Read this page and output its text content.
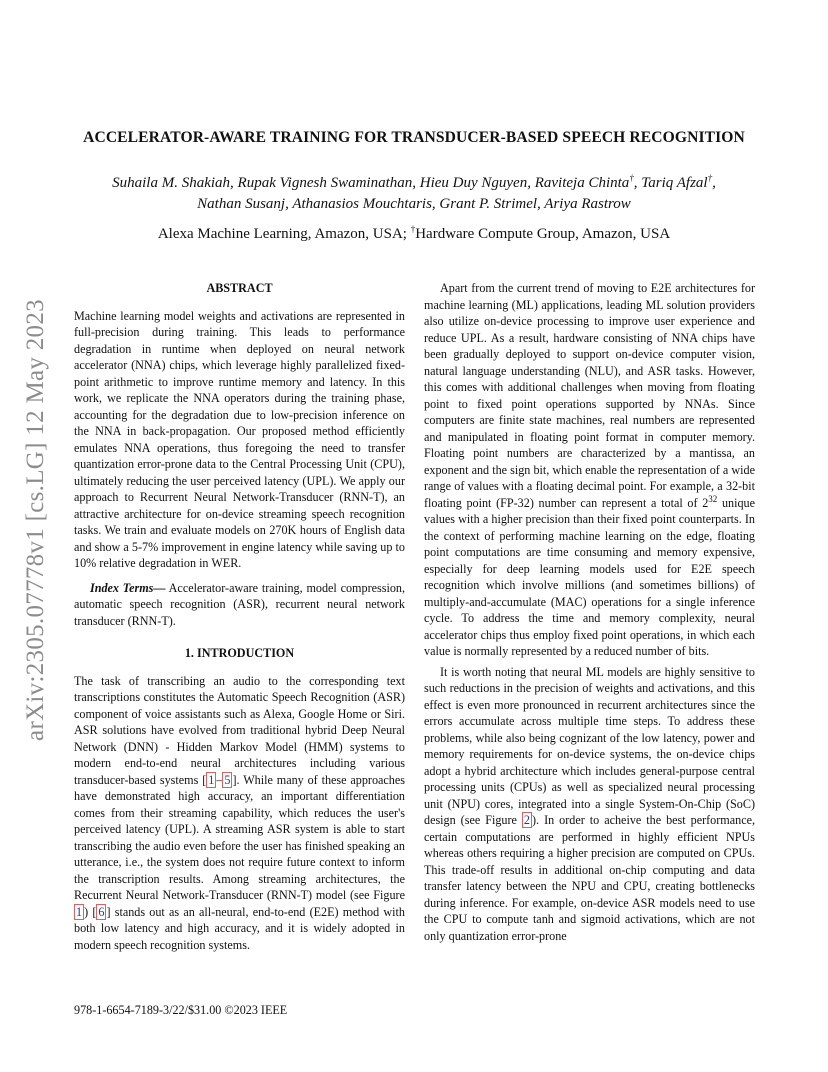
arXiv:2305.07778v1 [cs.LG] 12 May 2023
ACCELERATOR-AWARE TRAINING FOR TRANSDUCER-BASED SPEECH RECOGNITION
Suhaila M. Shakiah, Rupak Vignesh Swaminathan, Hieu Duy Nguyen, Raviteja Chinta†, Tariq Afzal†,
Nathan Susanj, Athanasios Mouchtaris, Grant P. Strimel, Ariya Rastrow
Alexa Machine Learning, Amazon, USA; †Hardware Compute Group, Amazon, USA
ABSTRACT

Machine learning model weights and activations are represented in full-precision during training. This leads to performance degradation in runtime when deployed on neural network accelerator (NNA) chips, which leverage highly parallelized fixed-point arithmetic to improve runtime memory and latency. In this work, we replicate the NNA operators during the training phase, accounting for the degradation due to low-precision inference on the NNA in back-propagation. Our proposed method efficiently emulates NNA operations, thus foregoing the need to transfer quantization error-prone data to the Central Processing Unit (CPU), ultimately reducing the user perceived latency (UPL). We apply our approach to Recurrent Neural Network-Transducer (RNN-T), an attractive architecture for on-device streaming speech recognition tasks. We train and evaluate models on 270K hours of English data and show a 5-7% improvement in engine latency while saving up to 10% relative degradation in WER.

Index Terms— Accelerator-aware training, model compression, automatic speech recognition (ASR), recurrent neural network transducer (RNN-T).

1. INTRODUCTION

The task of transcribing an audio to the corresponding text transcriptions constitutes the Automatic Speech Recognition (ASR) component of voice assistants such as Alexa, Google Home or Siri. ASR solutions have evolved from traditional hybrid Deep Neural Network (DNN) - Hidden Markov Model (HMM) systems to modern end-to-end neural architectures including various transducer-based systems [ 1 – 5 ]. While many of these approaches have demonstrated high accuracy, an important differentiation comes from their streaming capability, which reduces the user's perceived latency (UPL). A streaming ASR system is able to start transcribing the audio even before the user has finished speaking an utterance, i.e., the system does not require future context to inform the transcription results. Among streaming architectures, the Recurrent Neural Network-Transducer (RNN-T) model (see Figure 1 ) [ 6 ] stands out as an all-neural, end-to-end (E2E) method with both low latency and high accuracy, and it is widely adopted in modern speech recognition systems.

Apart from the current trend of moving to E2E architectures for machine learning (ML) applications, leading ML solution providers also utilize on-device processing to improve user experience and reduce UPL. As a result, hardware consisting of NNA chips have been gradually deployed to support on-device computer vision, natural language understanding (NLU), and ASR tasks. However, this comes with additional challenges when moving from floating point to fixed point operations supported by NNAs. Since computers are finite state machines, real numbers are represented and manipulated in floating point format in computer memory. Floating point numbers are characterized by a mantissa, an exponent and the sign bit, which enable the representation of a wide range of values with a floating decimal point. For example, a 32-bit floating point (FP-32) number can represent a total of $2^{32}$ unique values with a higher precision than their fixed point counterparts. In the context of performing machine learning on the edge, floating point computations are time consuming and memory expensive, especially for deep learning models used for E2E speech recognition which involve millions (and sometimes billions) of multiply-and-accumulate (MAC) operations for a single inference cycle. To address the time and memory complexity, neural accelerator chips thus employ fixed point operations, in which each value is normally represented by a reduced number of bits.

It is worth noting that neural ML models are highly sensitive to such reductions in the precision of weights and activations, and this effect is even more pronounced in recurrent architectures since the errors accumulate across multiple time steps. To address these problems, while also being cognizant of the low latency, power and memory requirements for on-device systems, the on-device chips adopt a hybrid architecture which includes general-purpose central processing units (CPUs) as well as specialized neural processing unit (NPU) cores, integrated into a single System-On-Chip (SoC) design (see Figure 2 ). In order to acheive the best performance, certain computations are performed in highly efficient NPUs whereas others requiring a higher precision are computed on CPUs. This trade-off results in additional on-chip computing and data transfer latency between the NPU and CPU, creating bottlenecks during inference. For example, on-device ASR models need to use the CPU to compute tanh and sigmoid activations, which are not only quantization error-prone

978-1-6654-7189-3/22/$31.00 ©2023 IEEE
